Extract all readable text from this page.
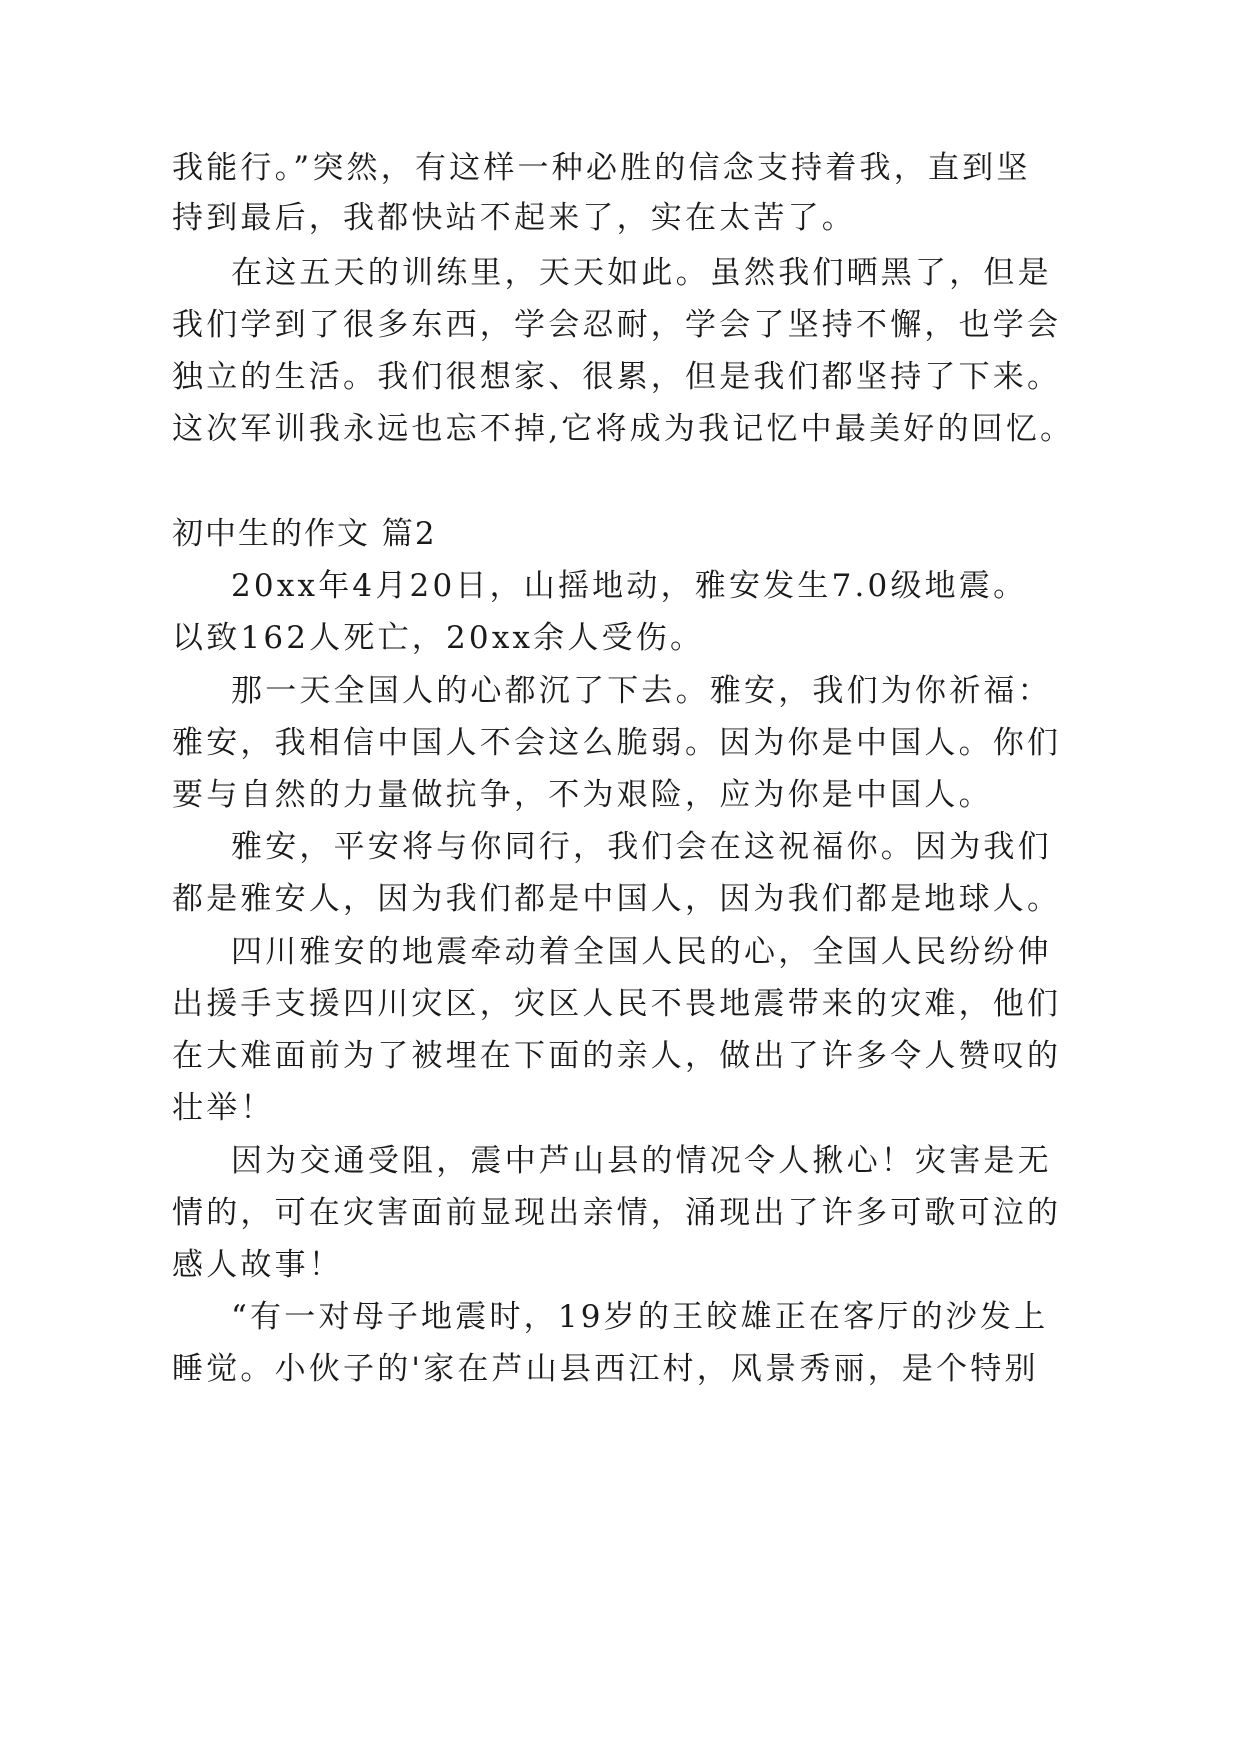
我能行。”突然，有这样一种必胜的信念支持着我，直到坚
持到最后，我都快站不起来了，实在太苦了。
在这五天的训练里，天天如此。虽然我们晒黑了，但是
我们学到了很多东西，学会忍耐，学会了坚持不懈，也学会
独立的生活。我们很想家、很累，但是我们都坚持了下来。
这次军训我永远也忘不掉,它将成为我记忆中最美好的回忆。
初中生的作文 篇2
20xx年4月20日，山摇地动，雅安发生7.0级地震。
以致162人死亡，20xx余人受伤。
那一天全国人的心都沉了下去。雅安，我们为你祈福：
雅安，我相信中国人不会这么脆弱。因为你是中国人。你们
要与自然的力量做抗争，不为艰险，应为你是中国人。
雅安，平安将与你同行，我们会在这祝福你。因为我们
都是雅安人，因为我们都是中国人，因为我们都是地球人。
四川雅安的地震牵动着全国人民的心，全国人民纷纷伸
出援手支援四川灾区，灾区人民不畏地震带来的灾难，他们
在大难面前为了被埋在下面的亲人，做出了许多令人赞叹的
壮举！
因为交通受阻，震中芦山县的情况令人揪心！灾害是无
情的，可在灾害面前显现出亲情，涌现出了许多可歌可泣的
感人故事！
“有一对母子地震时，19岁的王皎雄正在客厅的沙发上
睡觉。小伙子的'家在芦山县西江村，风景秀丽，是个特别
